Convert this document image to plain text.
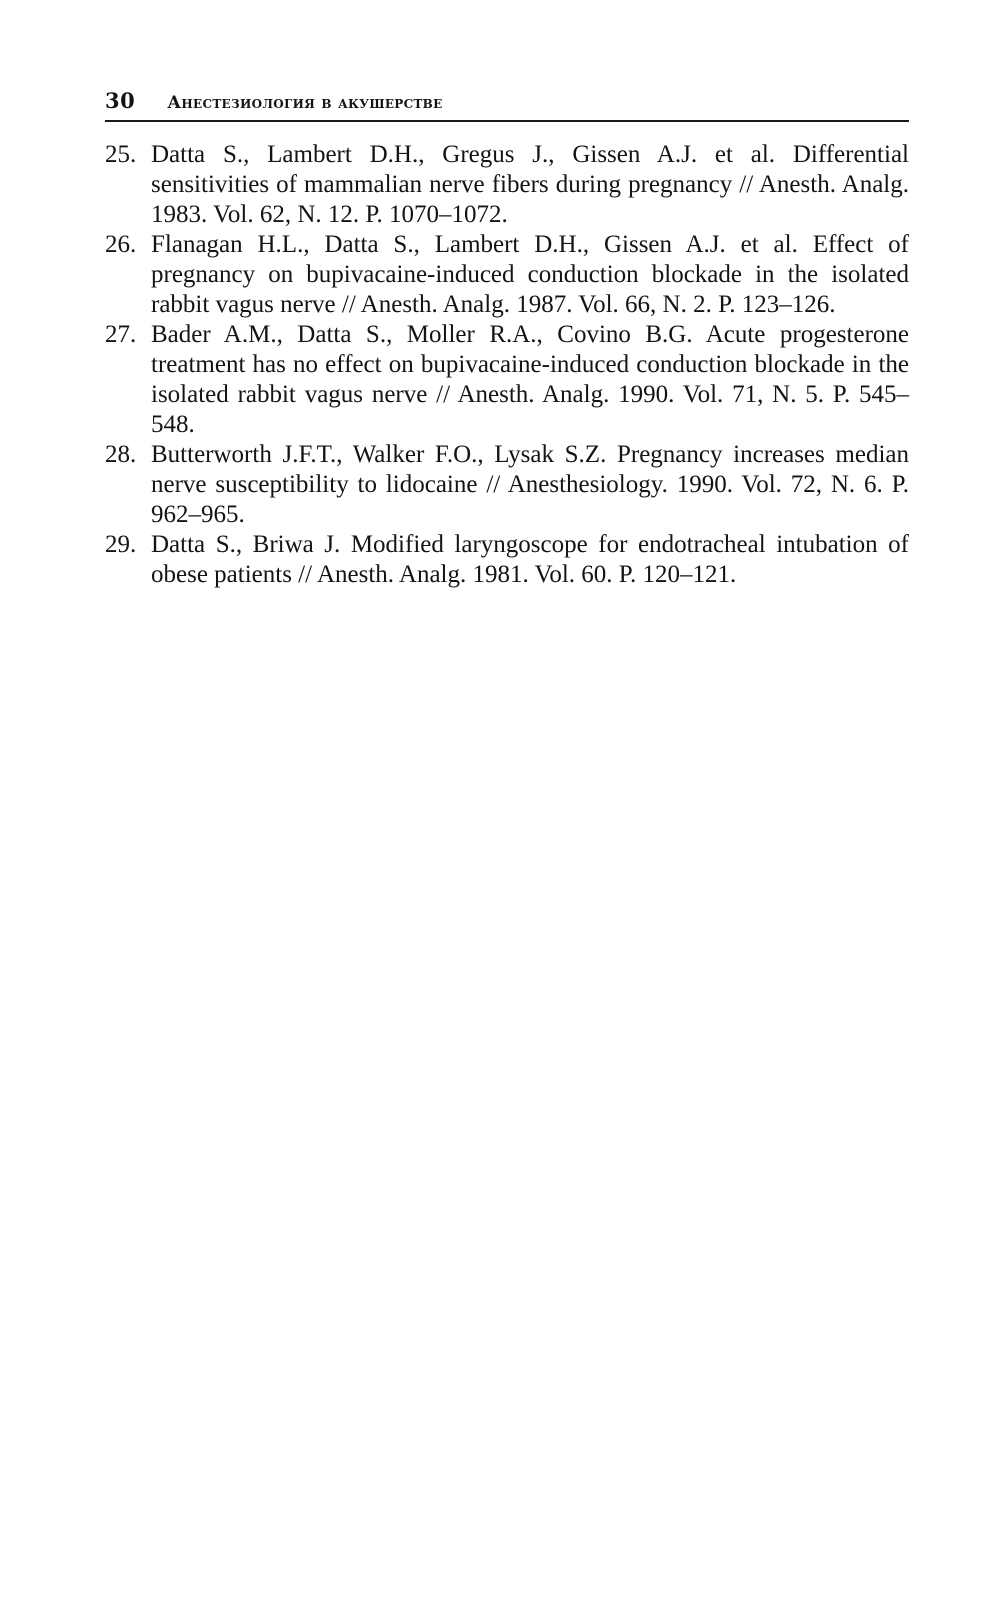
30 Анестезиология в акушерстве
25. Datta S., Lambert D.H., Gregus J., Gissen A.J. et al. Differential sensitivities of mammalian nerve fibers during pregnancy // Anesth. Analg. 1983. Vol. 62, N. 12. P. 1070–1072.
26. Flanagan H.L., Datta S., Lambert D.H., Gissen A.J. et al. Effect of pregnancy on bupivacaine-induced conduction blockade in the isolated rabbit vagus nerve // Anesth. Analg. 1987. Vol. 66, N. 2. P. 123–126.
27. Bader A.M., Datta S., Moller R.A., Covino B.G. Acute progesterone treatment has no effect on bupivacaine-induced conduction blockade in the isolated rabbit vagus nerve // Anesth. Analg. 1990. Vol. 71, N. 5. P. 545–548.
28. Butterworth J.F.T., Walker F.O., Lysak S.Z. Pregnancy increases median nerve susceptibility to lidocaine // Anesthesiology. 1990. Vol. 72, N. 6. P. 962–965.
29. Datta S., Briwa J. Modified laryngoscope for endotracheal intubation of obese patients // Anesth. Analg. 1981. Vol. 60. P. 120–121.
